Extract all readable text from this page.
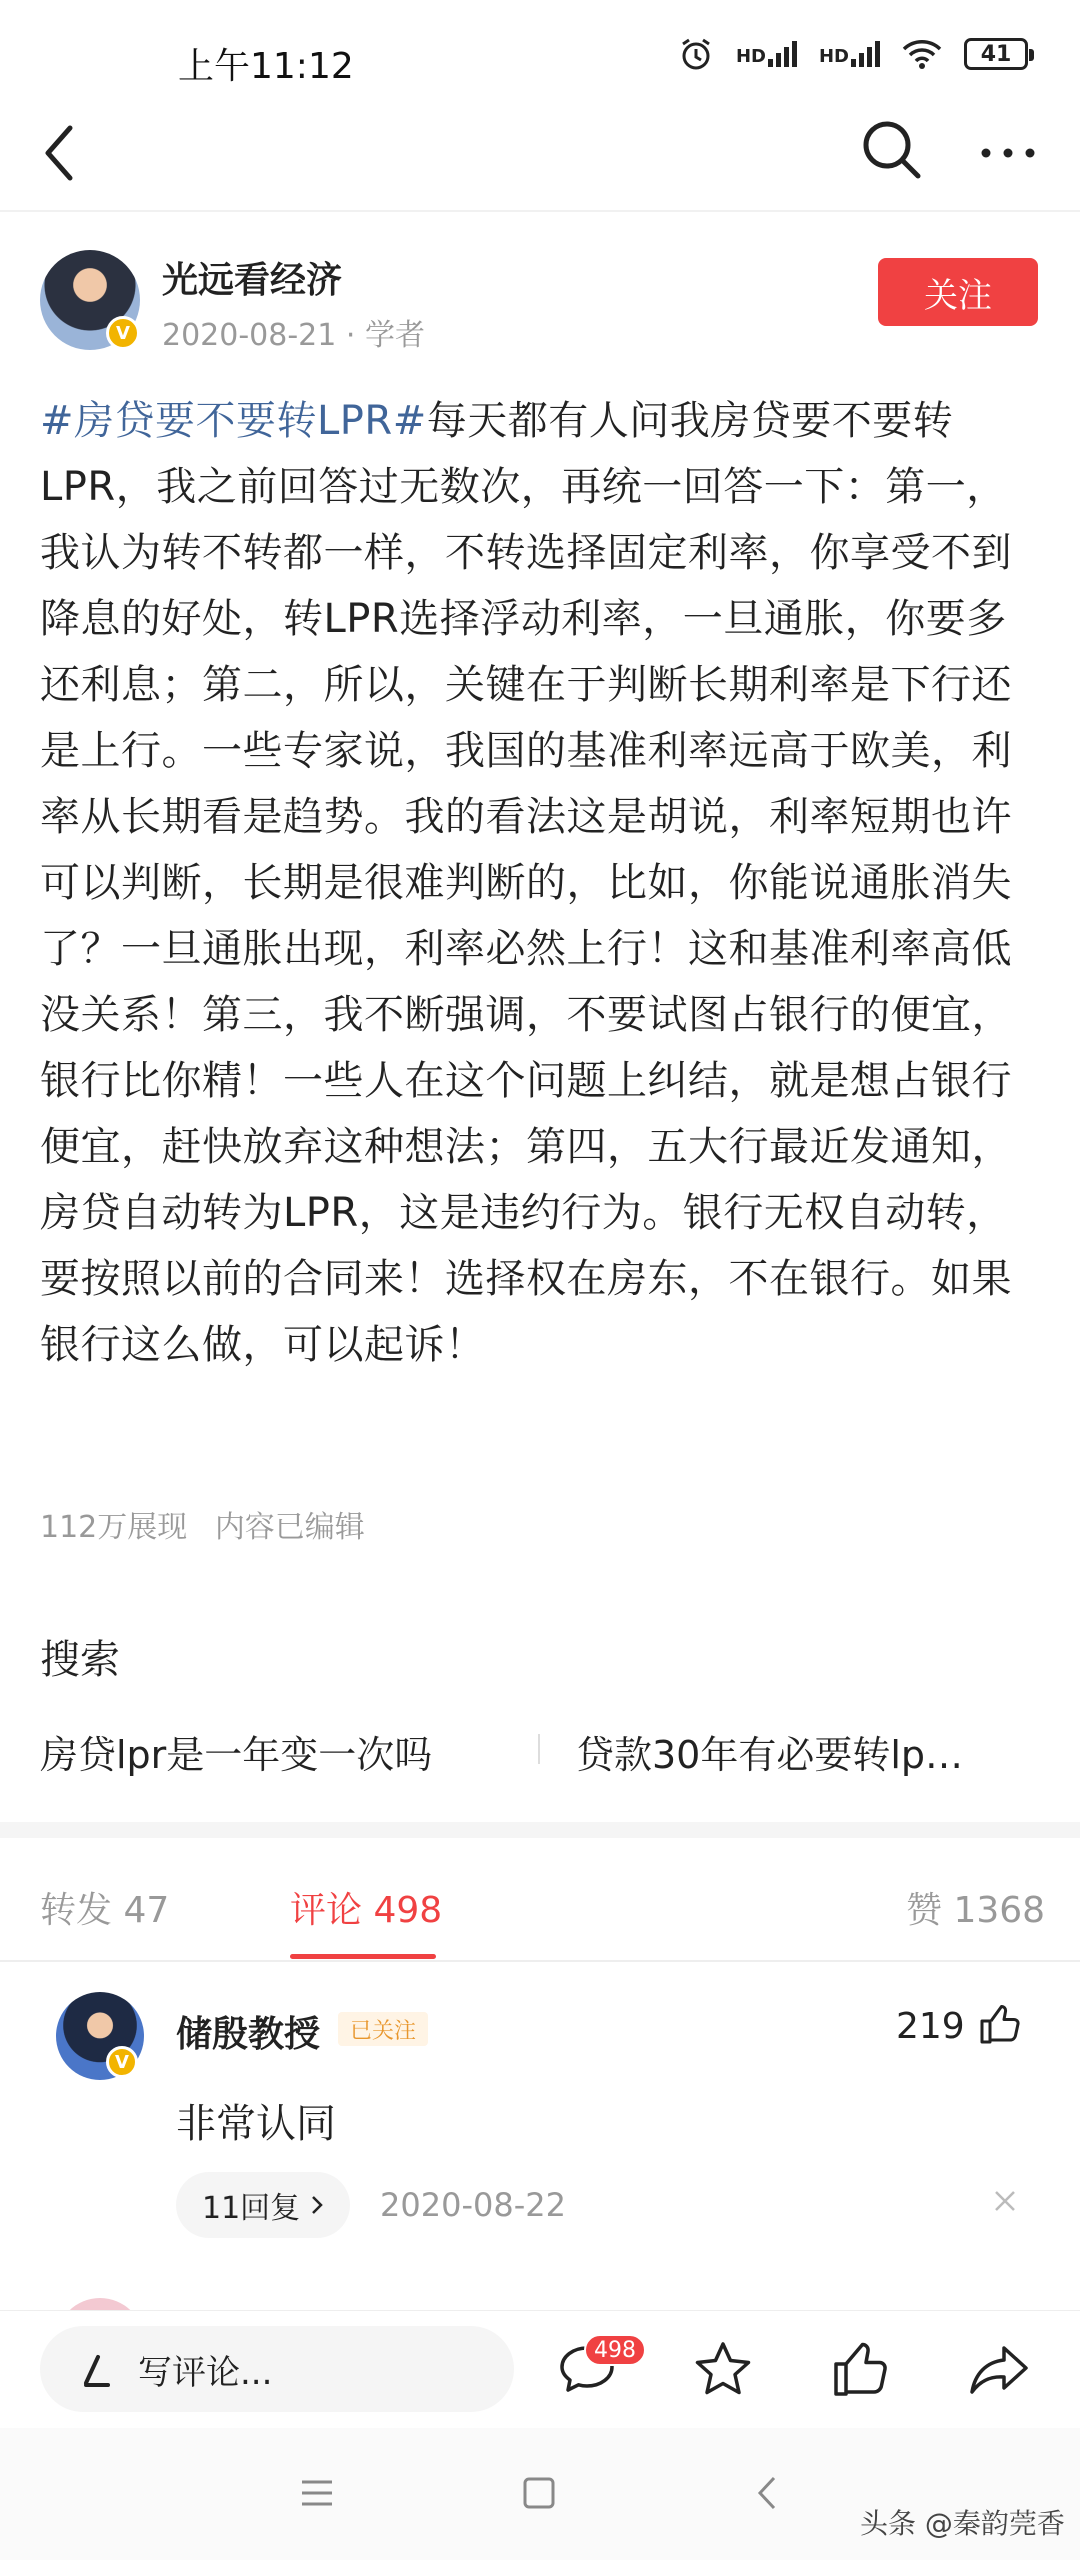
上午11:12	HD	HD	41
V
光远看经济
2020-08-21 · 学者
关注
#房贷要不要转LPR#每天都有人问我房贷要不要转LPR，我之前回答过无数次，再统一回答一下：第一，我认为转不转都一样，不转选择固定利率，你享受不到降息的好处，转LPR选择浮动利率，一旦通胀，你要多还利息；第二，所以，关键在于判断长期利率是下行还是上行。一些专家说，我国的基准利率远高于欧美，利率从长期看是趋势。我的看法这是胡说，利率短期也许可以判断，长期是很难判断的，比如，你能说通胀消失了？一旦通胀出现，利率必然上行！这和基准利率高低没关系！第三，我不断强调，不要试图占银行的便宜，银行比你精！一些人在这个问题上纠结，就是想占银行便宜，赶快放弃这种想法；第四，五大行最近发通知，房贷自动转为LPR，这是违约行为。银行无权自动转，要按照以前的合同来！选择权在房东，不在银行。如果银行这么做，可以起诉！
112万展现 内容已编辑
搜索
房贷lpr是一年变一次吗	贷款30年有必要转lp…
转发 47	评论 498	赞 1368
V
储殷教授	已关注	219
非常认同
11回复 2020-08-22
写评论...
498
头条 @秦韵莞香
